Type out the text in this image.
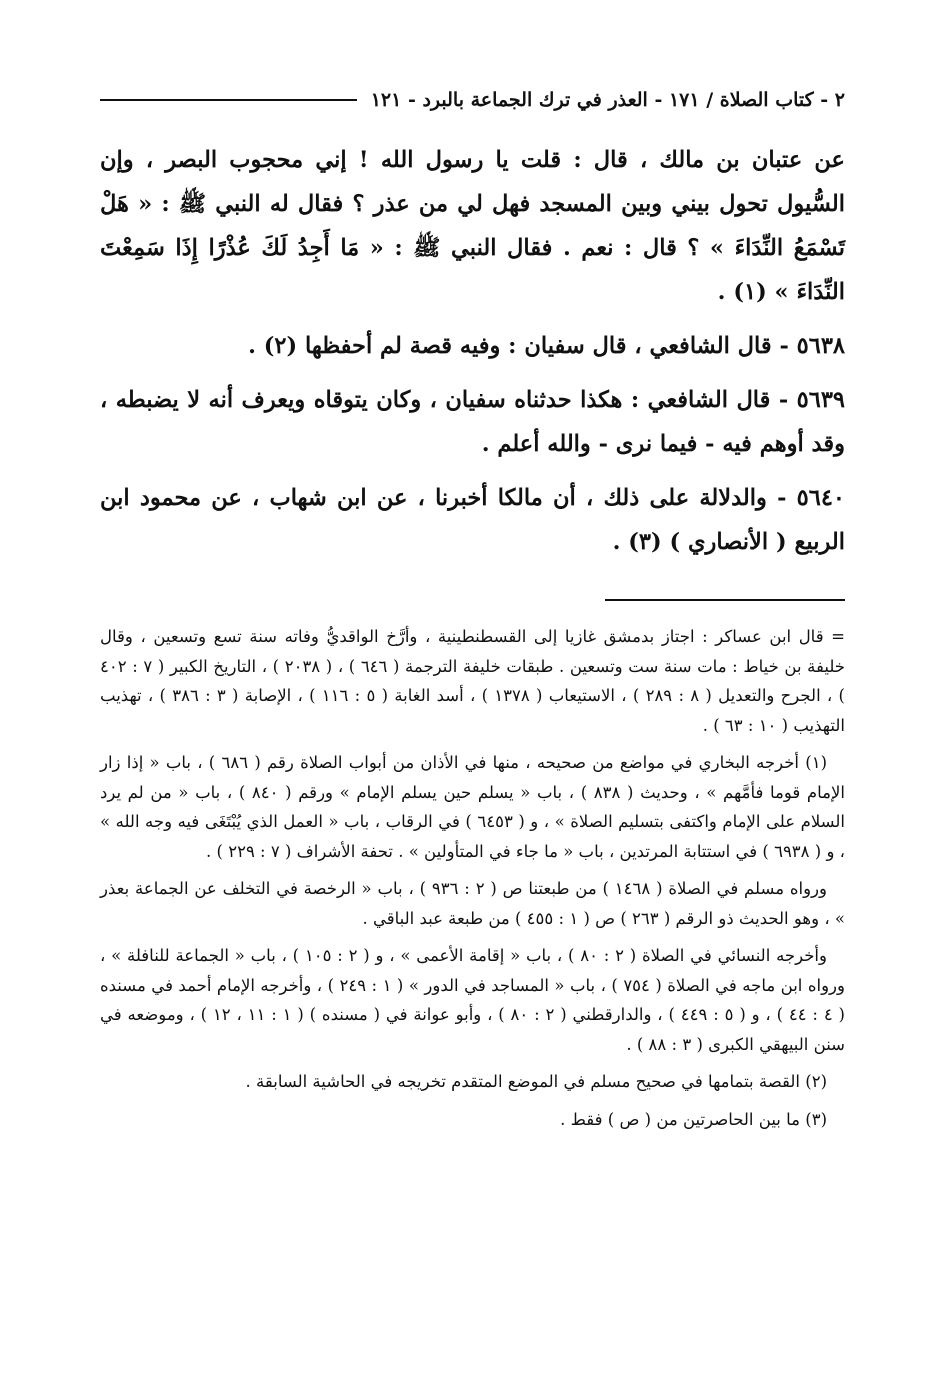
٢ - كتاب الصلاة / ١٧١ - العذر في ترك الجماعة بالبرد - ١٢١

عن عتبان بن مالك ، قال : قلت يا رسول الله ! إني محجوب البصر ، وإن السُّيول تحول بيني وبين المسجد فهل لي من عذر ؟ فقال له النبي ﷺ : « هَلْ تَسْمَعُ النِّدَاءَ » ؟ قال : نعم . فقال النبي ﷺ : « مَا أَجِدُ لَكَ عُذْرًا إِذَا سَمِعْتَ النِّدَاءَ » (١) .

٥٦٣٨ - قال الشافعي ، قال سفيان : وفيه قصة لم أحفظها (٢) .

٥٦٣٩ - قال الشافعي : هكذا حدثناه سفيان ، وكان يتوقاه ويعرف أنه لا يضبطه ، وقد أوهم فيه - فيما نرى - والله أعلم .

٥٦٤٠ - والدلالة على ذلك ، أن مالكا أخبرنا ، عن ابن شهاب ، عن محمود ابن الربيع ( الأنصاري ) (٣) .

= قال ابن عساكر : اجتاز بدمشق غازيا إلى القسطنطينية ، وأرَّخ الواقديُّ وفاته سنة تسع وتسعين ، وقال خليفة بن خياط : مات سنة ست وتسعين . طبقات خليفة الترجمة ( ٦٤٦ ) ، ( ٢٠٣٨ ) ، التاريخ الكبير ( ٧ : ٤٠٢ ) ، الجرح والتعديل ( ٨ : ٢٨٩ ) ، الاستيعاب ( ١٣٧٨ ) ، أسد الغابة ( ٥ : ١١٦ ) ، الإصابة ( ٣ : ٣٨٦ ) ، تهذيب التهذيب ( ١٠ : ٦٣ ) .

(١) أخرجه البخاري في مواضع من صحيحه ، منها في الأذان من أبواب الصلاة رقم ( ٦٨٦ ) ، باب « إذا زار الإمام قوما فأمَّهم » ، وحديث ( ٨٣٨ ) ، باب « يسلم حين يسلم الإمام » ورقم ( ٨٤٠ ) ، باب « من لم يرد السلام على الإمام واكتفى بتسليم الصلاة » ، و ( ٦٤٥٣ ) في الرقاب ، باب « العمل الذي يُبْتَغَى فيه وجه الله » ، و ( ٦٩٣٨ ) في استتابة المرتدين ، باب « ما جاء في المتأولين » . تحفة الأشراف ( ٧ : ٢٢٩ ) .

ورواه مسلم في الصلاة ( ١٤٦٨ ) من طبعتنا ص ( ٢ : ٩٣٦ ) ، باب « الرخصة في التخلف عن الجماعة بعذر » ، وهو الحديث ذو الرقم ( ٢٦٣ ) ص ( ١ : ٤٥٥ ) من طبعة عبد الباقي .

وأخرجه النسائي في الصلاة ( ٢ : ٨٠ ) ، باب « إقامة الأعمى » ، و ( ٢ : ١٠٥ ) ، باب « الجماعة للنافلة » ، ورواه ابن ماجه في الصلاة ( ٧٥٤ ) ، باب « المساجد في الدور » ( ١ : ٢٤٩ ) ، وأخرجه الإمام أحمد في مسنده ( ٤ : ٤٤ ) ، و ( ٥ : ٤٤٩ ) ، والدارقطني ( ٢ : ٨٠ ) ، وأبو عوانة في ( مسنده ) ( ١ : ١١ ، ١٢ ) ، وموضعه في سنن البيهقي الكبرى ( ٣ : ٨٨ ) .

(٢) القصة بتمامها في صحيح مسلم في الموضع المتقدم تخريجه في الحاشية السابقة .

(٣) ما بين الحاصرتين من ( ص ) فقط .
